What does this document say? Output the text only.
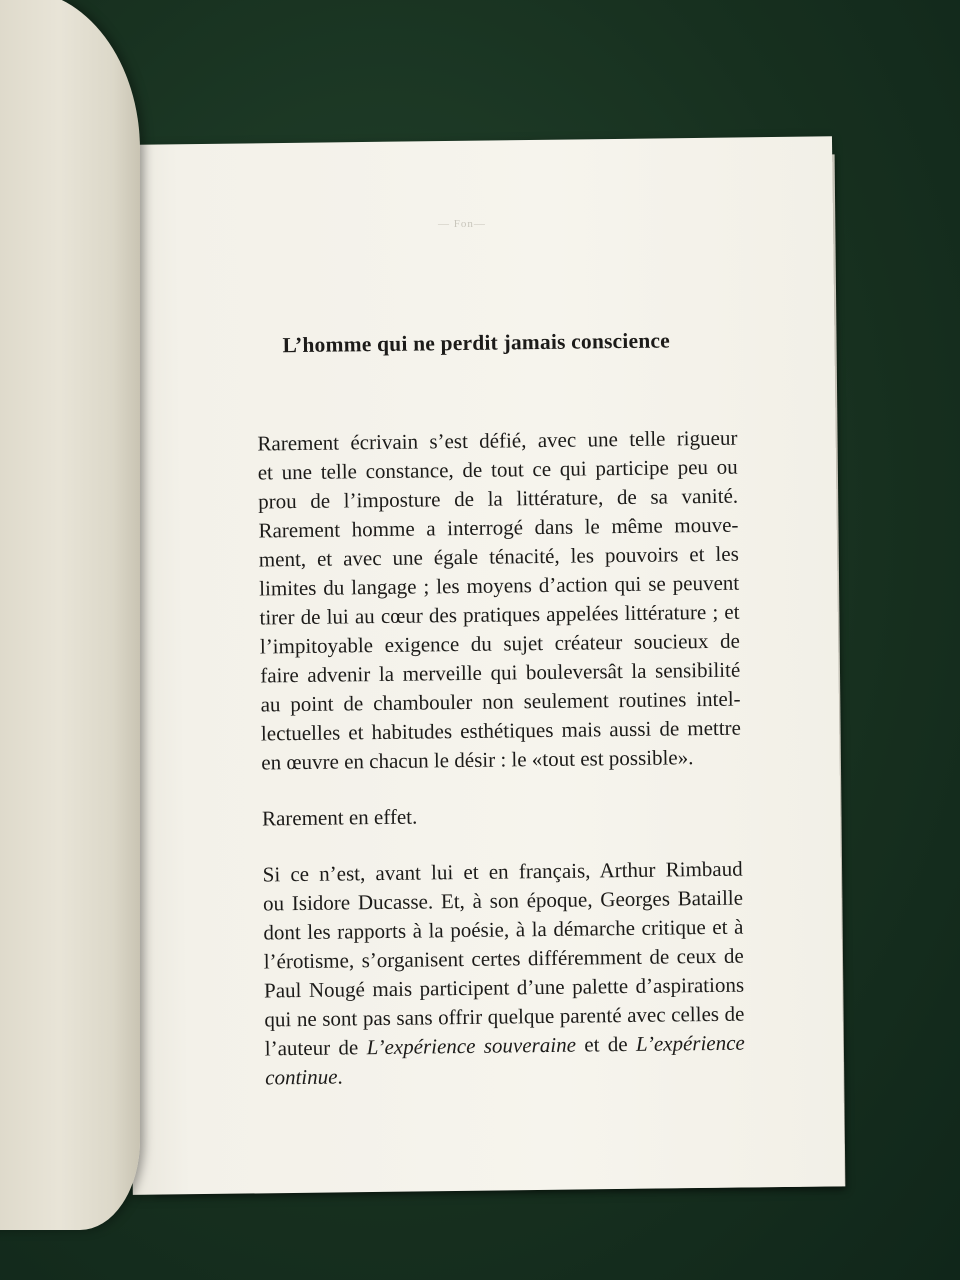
L’homme qui ne perdit jamais conscience
Rarement écrivain s’est défié, avec une telle rigueur
et une telle constance, de tout ce qui participe peu ou
prou de l’imposture de la littérature, de sa vanité.
Rarement homme a interrogé dans le même mouve-
ment, et avec une égale ténacité, les pouvoirs et les
limites du langage ; les moyens d’action qui se peuvent
tirer de lui au cœur des pratiques appelées littérature ; et
l’impitoyable exigence du sujet créateur soucieux de
faire advenir la merveille qui bouleversât la sensibilité
au point de chambouler non seulement routines intel-
lectuelles et habitudes esthétiques mais aussi de mettre
en œuvre en chacun le désir : le «tout est possible».
Rarement en effet.
Si ce n’est, avant lui et en français, Arthur Rimbaud
ou Isidore Ducasse. Et, à son époque, Georges Bataille
dont les rapports à la poésie, à la démarche critique et à
l’érotisme, s’organisent certes différemment de ceux de
Paul Nougé mais participent d’une palette d’aspirations
qui ne sont pas sans offrir quelque parenté avec celles de
l’auteur de L’expérience souveraine et de L’expérience
continue.
— Fon—
